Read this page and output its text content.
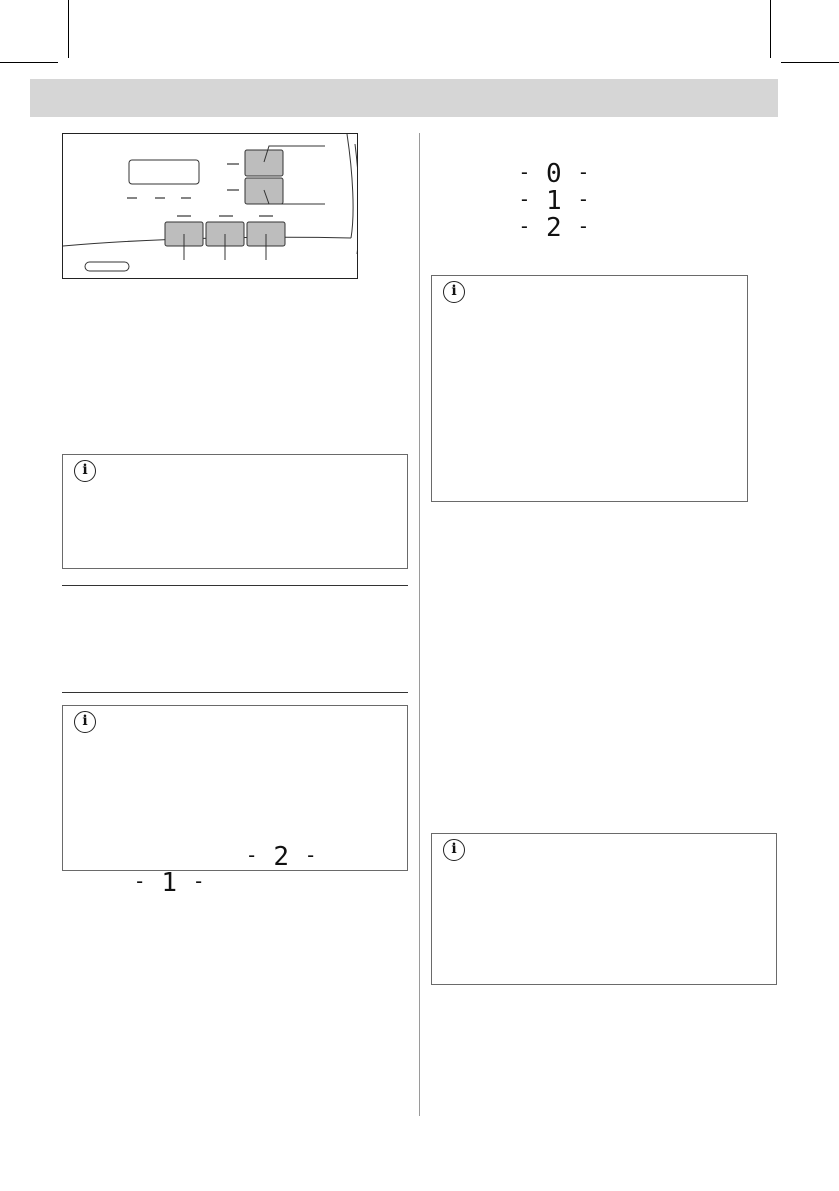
i
i

- 2 -

- 1 -

- 0 -

- 1 -

- 2 -

i
i
